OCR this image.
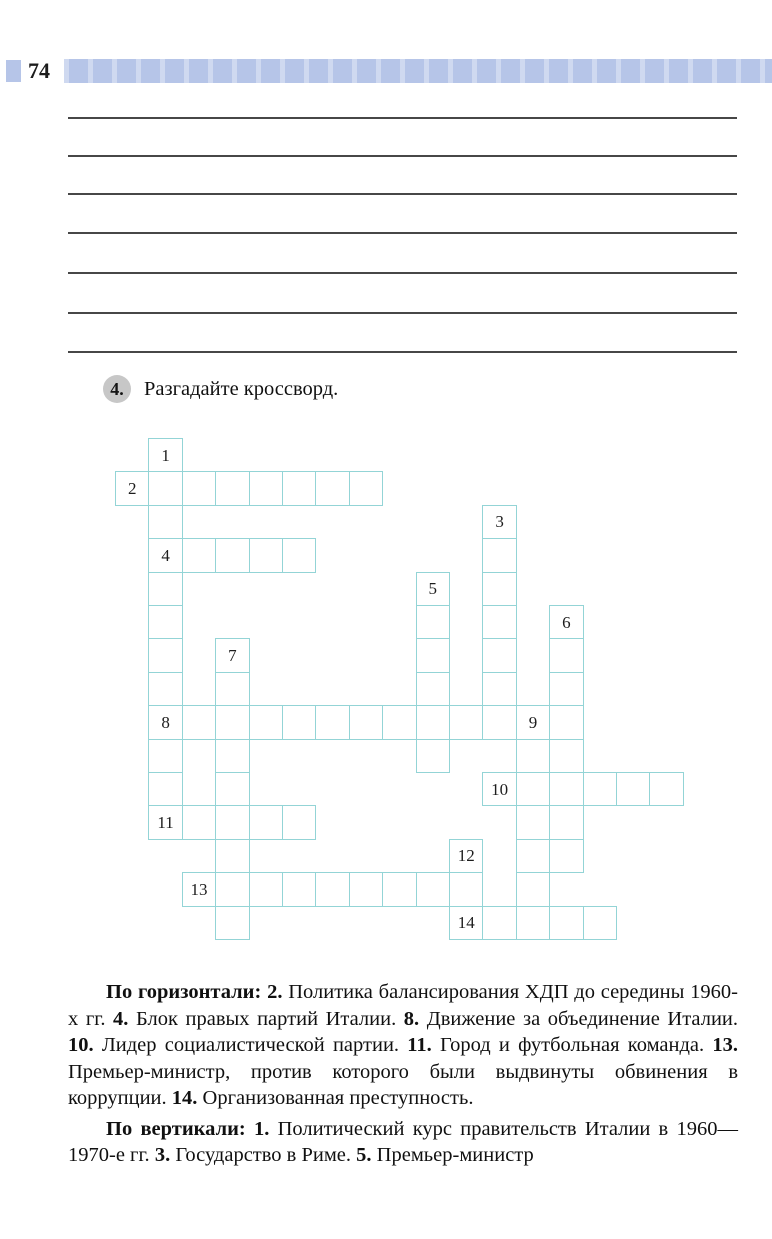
74
4. Разгадайте кроссворд.
1
2
3
4
5
6
7
8	9
10
11
12
13
14

По горизонтали: 2. Политика балансирования ХДП до середины 1960-х гг. 4. Блок правых партий Италии. 8. Движение за объединение Италии. 10. Лидер социалистической партии. 11. Город и футбольная команда. 13. Премьер-министр, против которого были выдвинуты обвинения в коррупции. 14. Организованная преступность.

По вертикали: 1. Политический курс правительств Италии в 1960—1970-е гг. 3. Государство в Риме. 5. Премьер-министр
